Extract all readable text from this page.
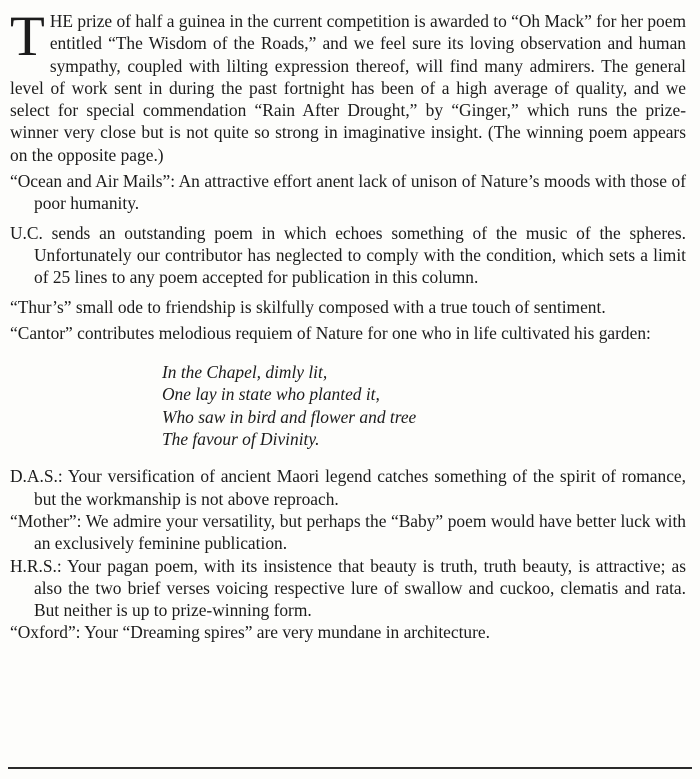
THE prize of half a guinea in the current competition is awarded to “Oh Mack” for her poem entitled “The Wisdom of the Roads,” and we feel sure its loving observation and human sympathy, coupled with lilting expression thereof, will find many admirers. The general level of work sent in during the past fortnight has been of a high average of quality, and we select for special commendation “Rain After Drought,” by “Ginger,” which runs the prize-winner very close but is not quite so strong in imaginative insight. (The winning poem appears on the opposite page.)

“Ocean and Air Mails”: An attractive effort anent lack of unison of Nature’s moods with those of poor humanity.

U.C. sends an outstanding poem in which echoes something of the music of the spheres. Unfortunately our contributor has neglected to comply with the condition, which sets a limit of 25 lines to any poem accepted for publication in this column.

“Thur’s” small ode to friendship is skilfully composed with a true touch of sentiment.

“Cantor” contributes melodious requiem of Nature for one who in life cultivated his garden:

In the Chapel, dimly lit,
One lay in state who planted it,
Who saw in bird and flower and tree
The favour of Divinity.

D.A.S.: Your versification of ancient Maori legend catches something of the spirit of romance, but the workmanship is not above reproach.

“Mother”: We admire your versatility, but perhaps the “Baby” poem would have better luck with an exclusively feminine publication.

H.R.S.: Your pagan poem, with its insistence that beauty is truth, truth beauty, is attractive; as also the two brief verses voicing respective lure of swallow and cuckoo, clematis and rata. But neither is up to prize-winning form.

“Oxford”: Your “Dreaming spires” are very mundane in architecture.
